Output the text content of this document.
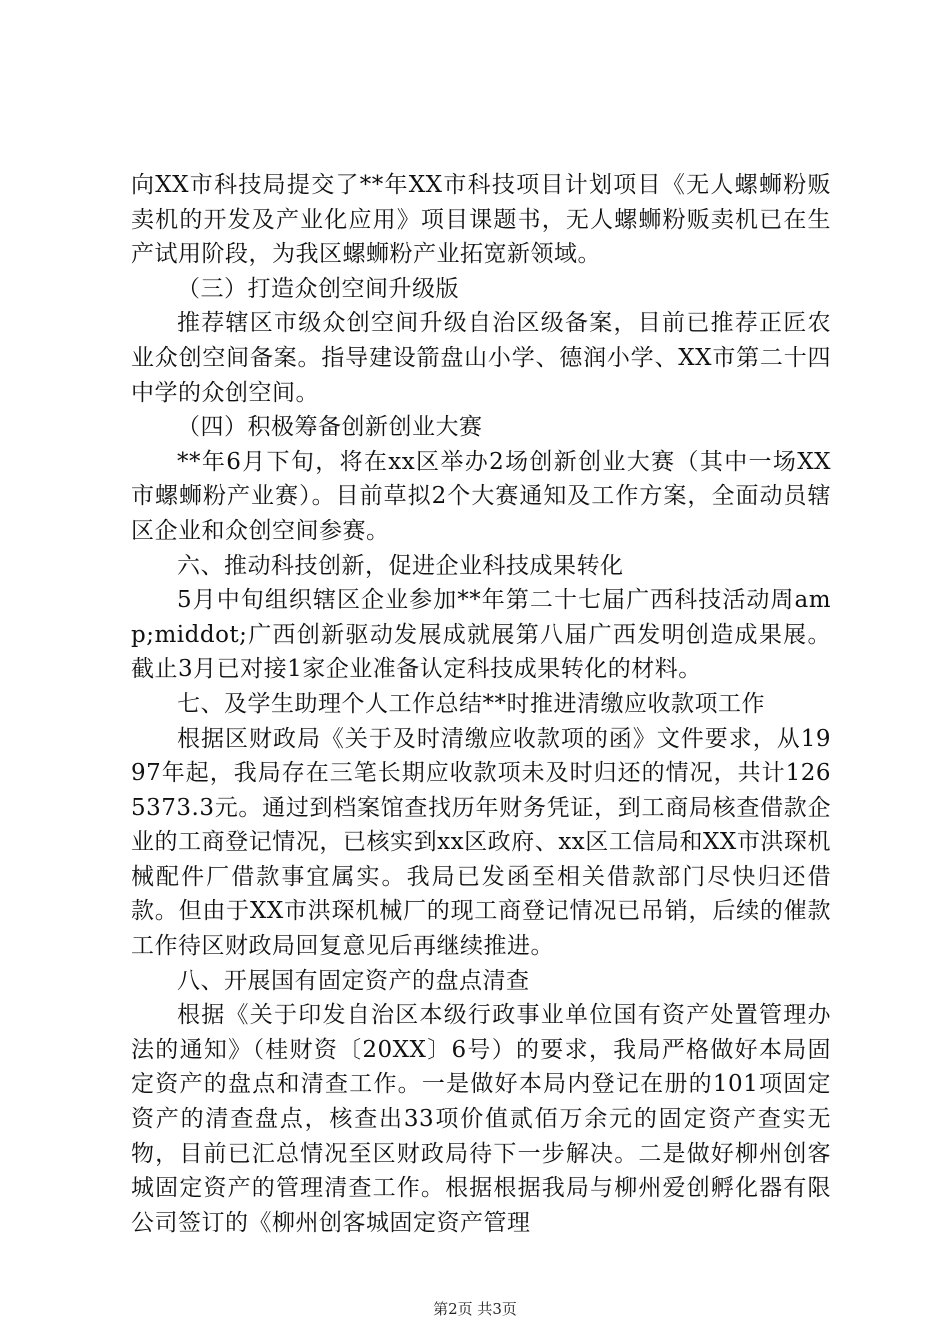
向XX市科技局提交了**年XX市科技项目计划项目《无人螺蛳粉贩卖机的开发及产业化应用》项目课题书，无人螺蛳粉贩卖机已在生产试用阶段，为我区螺蛳粉产业拓宽新领域。

（三）打造众创空间升级版

推荐辖区市级众创空间升级自治区级备案，目前已推荐正匠农业众创空间备案。指导建设箭盘山小学、德润小学、XX市第二十四中学的众创空间。

（四）积极筹备创新创业大赛

**年6月下旬，将在xx区举办2场创新创业大赛（其中一场XX市螺蛳粉产业赛）。目前草拟2个大赛通知及工作方案，全面动员辖区企业和众创空间参赛。

六、推动科技创新，促进企业科技成果转化

5月中旬组织辖区企业参加**年第二十七届广西科技活动周amp;middot;广西创新驱动发展成就展第八届广西发明创造成果展。截止3月已对接1家企业准备认定科技成果转化的材料。

七、及学生助理个人工作总结**时推进清缴应收款项工作

根据区财政局《关于及时清缴应收款项的函》文件要求，从1997年起，我局存在三笔长期应收款项未及时归还的情况，共计1265373.3元。通过到档案馆查找历年财务凭证，到工商局核查借款企业的工商登记情况，已核实到xx区政府、xx区工信局和XX市洪琛机械配件厂借款事宜属实。我局已发函至相关借款部门尽快归还借款。但由于XX市洪琛机械厂的现工商登记情况已吊销，后续的催款工作待区财政局回复意见后再继续推进。

八、开展国有固定资产的盘点清查

根据《关于印发自治区本级行政事业单位国有资产处置管理办法的通知》（桂财资〔20XX〕6号）的要求，我局严格做好本局固定资产的盘点和清查工作。一是做好本局内登记在册的101项固定资产的清查盘点，核查出33项价值贰佰万余元的固定资产查实无物，目前已汇总情况至区财政局待下一步解决。二是做好柳州创客城固定资产的管理清查工作。根据根据我局与柳州爱创孵化器有限公司签订的《柳州创客城固定资产管理

第2页 共3页
